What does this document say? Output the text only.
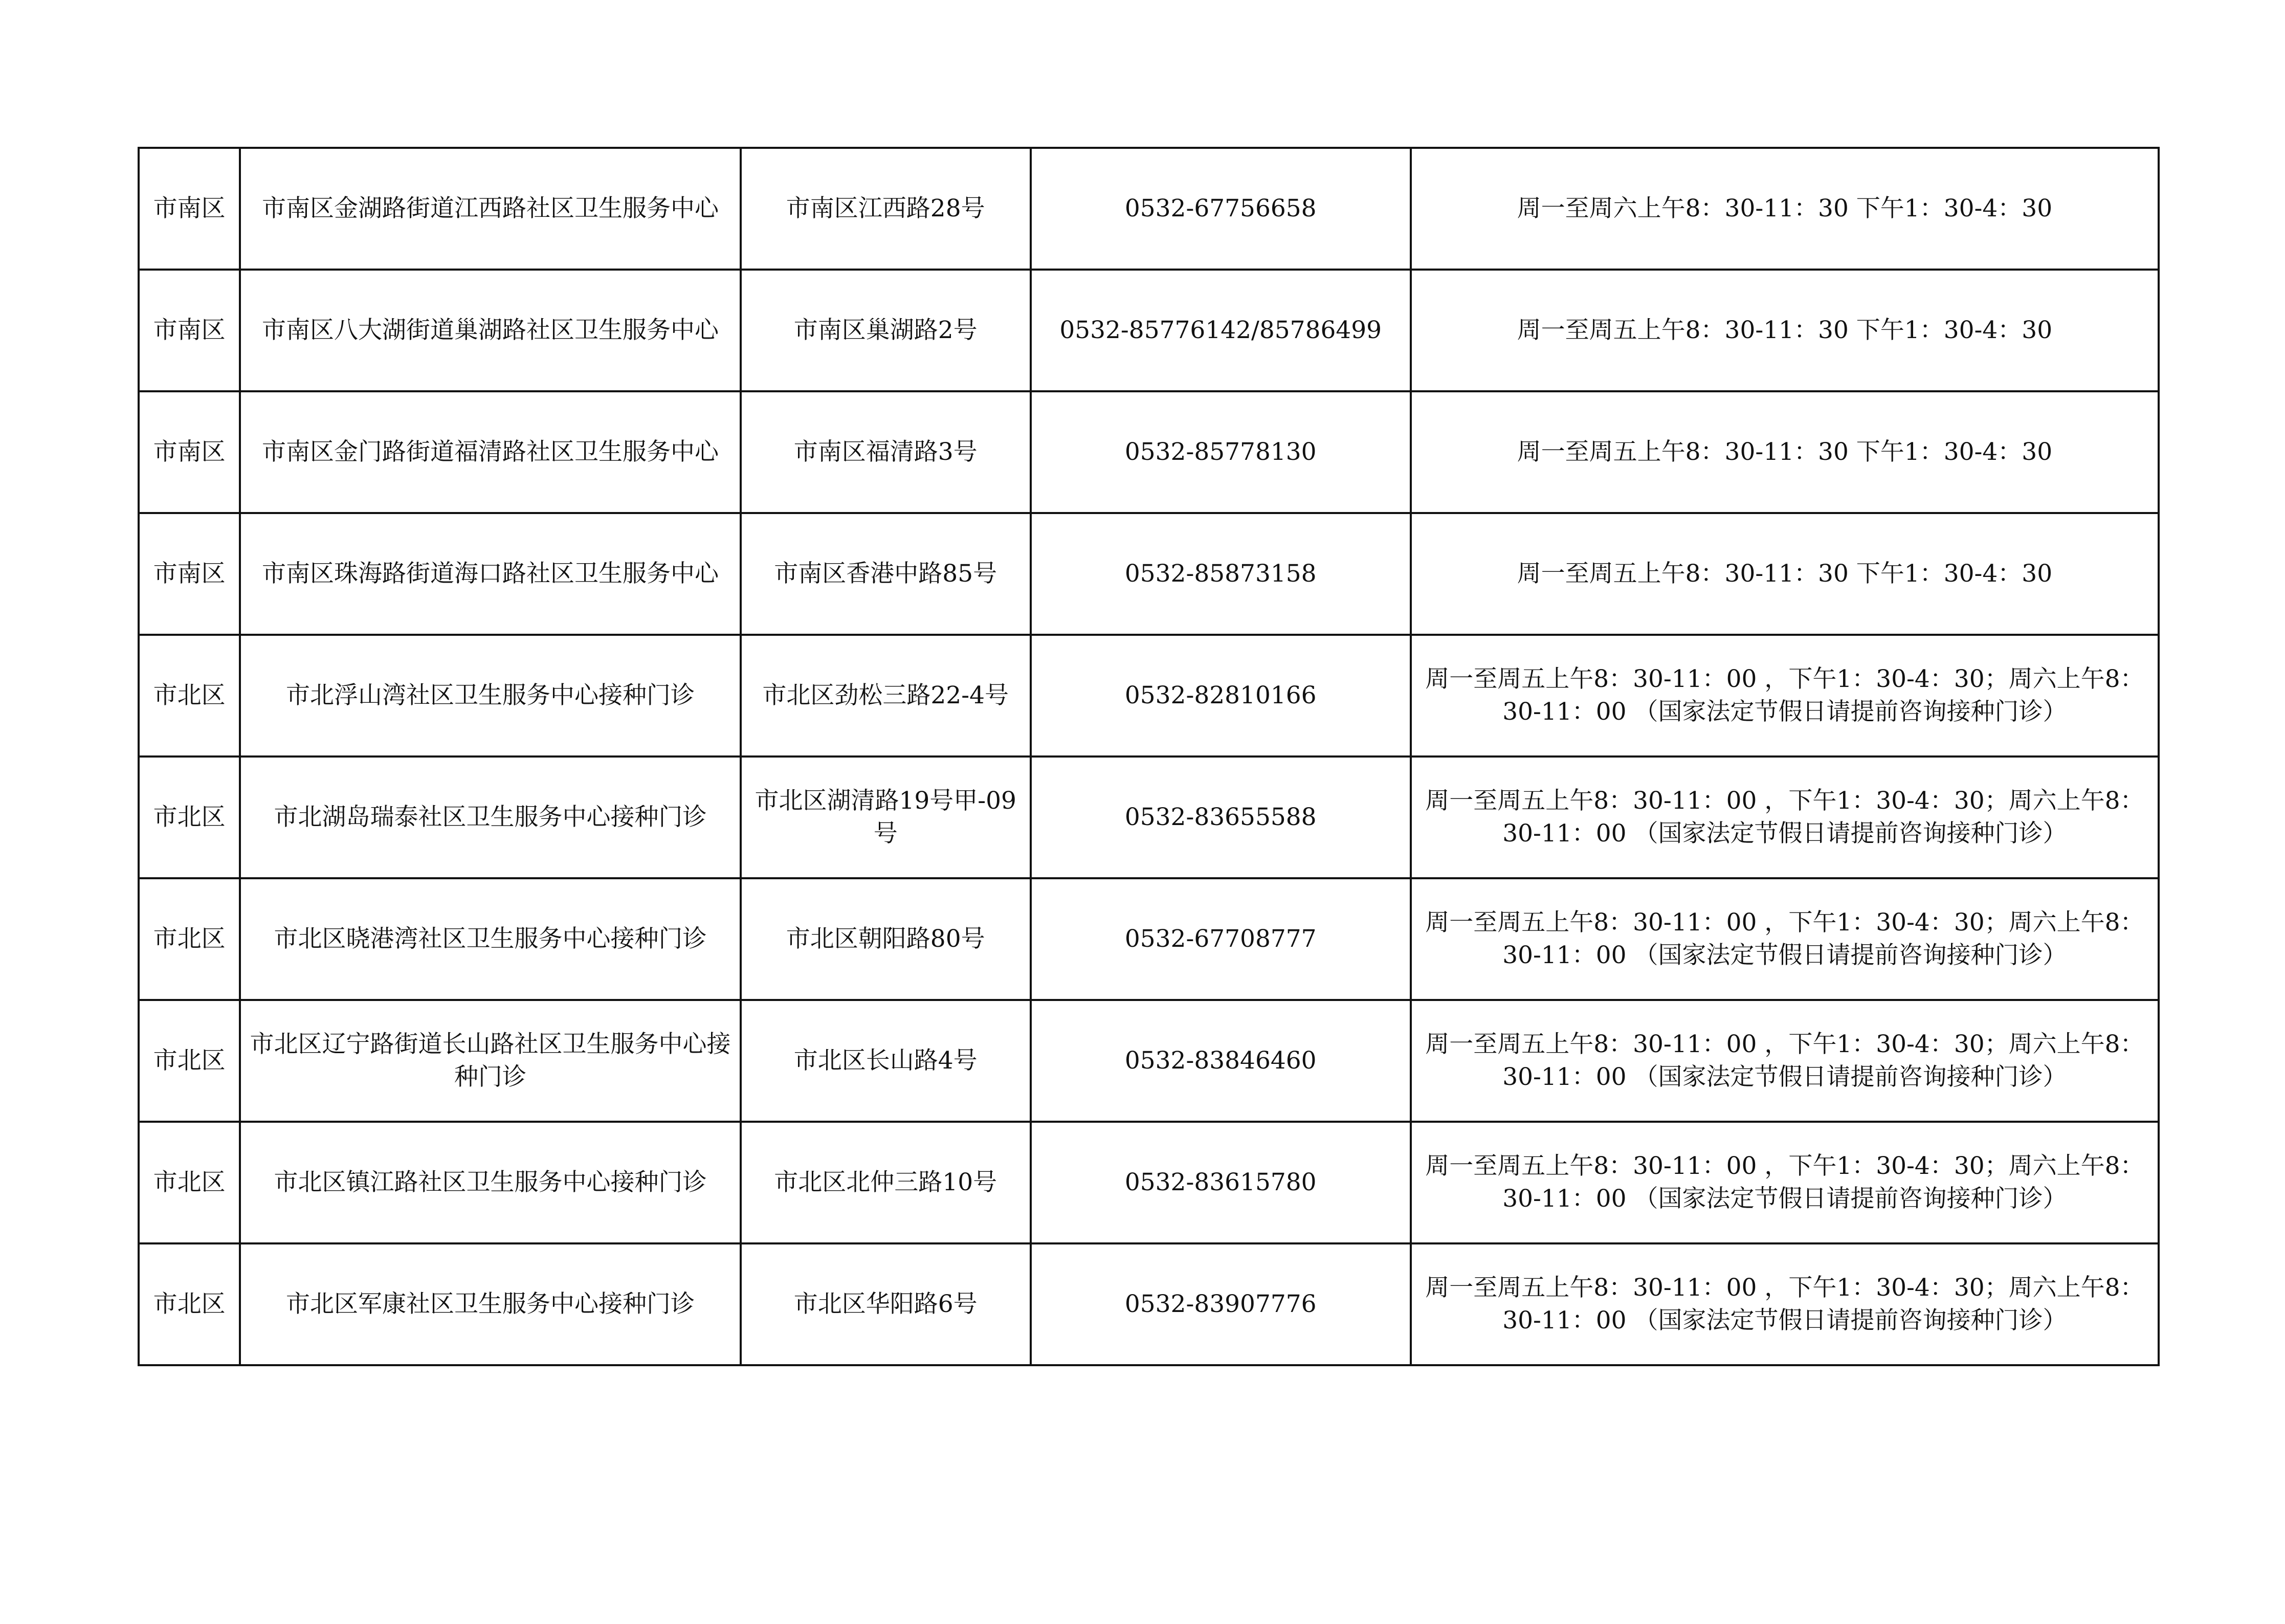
市南区	市南区金湖路街道江西路社区卫生服务中心	市南区江西路28号	0532-67756658	周一至周六上午8：30-11：30 下午1：30-4：30
市南区	市南区八大湖街道巢湖路社区卫生服务中心	市南区巢湖路2号	0532-85776142/85786499	周一至周五上午8：30-11：30 下午1：30-4：30
市南区	市南区金门路街道福清路社区卫生服务中心	市南区福清路3号	0532-85778130	周一至周五上午8：30-11：30 下午1：30-4：30
市南区	市南区珠海路街道海口路社区卫生服务中心	市南区香港中路85号	0532-85873158	周一至周五上午8：30-11：30 下午1：30-4：30
市北区	市北浮山湾社区卫生服务中心接种门诊	市北区劲松三路22-4号	0532-82810166	周一至周五上午8：30-11：00 ，下午1：30-4：30；周六上午8：30-11：00 （国家法定节假日请提前咨询接种门诊）
市北区	市北湖岛瑞泰社区卫生服务中心接种门诊	市北区湖清路19号甲-09号	0532-83655588	周一至周五上午8：30-11：00 ，下午1：30-4：30；周六上午8：30-11：00 （国家法定节假日请提前咨询接种门诊）
市北区	市北区晓港湾社区卫生服务中心接种门诊	市北区朝阳路80号	0532-67708777	周一至周五上午8：30-11：00 ，下午1：30-4：30；周六上午8：30-11：00 （国家法定节假日请提前咨询接种门诊）
市北区	市北区辽宁路街道长山路社区卫生服务中心接种门诊	市北区长山路4号	0532-83846460	周一至周五上午8：30-11：00 ，下午1：30-4：30；周六上午8：30-11：00 （国家法定节假日请提前咨询接种门诊）
市北区	市北区镇江路社区卫生服务中心接种门诊	市北区北仲三路10号	0532-83615780	周一至周五上午8：30-11：00 ，下午1：30-4：30；周六上午8：30-11：00 （国家法定节假日请提前咨询接种门诊）
市北区	市北区军康社区卫生服务中心接种门诊	市北区华阳路6号	0532-83907776	周一至周五上午8：30-11：00 ，下午1：30-4：30；周六上午8：30-11：00 （国家法定节假日请提前咨询接种门诊）
